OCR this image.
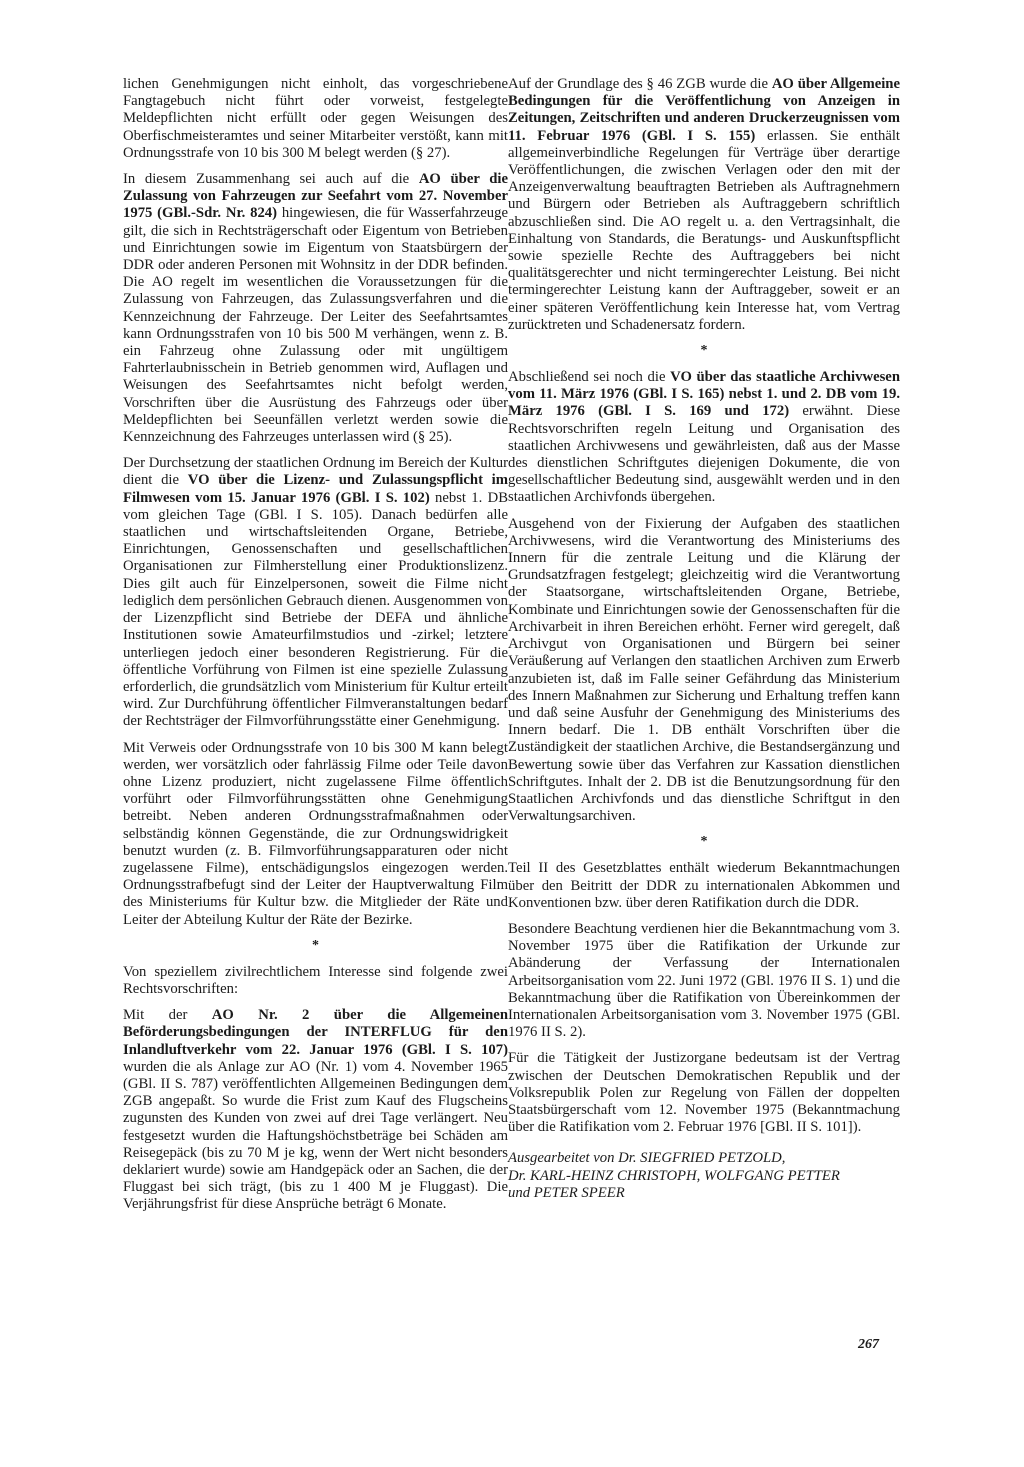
lichen Genehmigungen nicht einholt, das vorgeschriebene Fangtagebuch nicht führt oder vorweist, festgelegte Meldepflichten nicht erfüllt oder gegen Weisungen des Oberfischmeisteramtes und seiner Mitarbeiter verstößt, kann mit Ordnungsstrafe von 10 bis 300 M belegt werden (§ 27).

In diesem Zusammenhang sei auch auf die AO über die Zulassung von Fahrzeugen zur Seefahrt vom 27. November 1975 (GBl.-Sdr. Nr. 824) hingewiesen, die für Wasserfahrzeuge gilt, die sich in Rechtsträgerschaft oder Eigentum von Betrieben und Einrichtungen sowie im Eigentum von Staatsbürgern der DDR oder anderen Personen mit Wohnsitz in der DDR befinden. Die AO regelt im wesentlichen die Voraussetzungen für die Zulassung von Fahrzeugen, das Zulassungsverfahren und die Kennzeichnung der Fahrzeuge. Der Leiter des Seefahrtsamtes kann Ordnungsstrafen von 10 bis 500 M verhängen, wenn z. B. ein Fahrzeug ohne Zulassung oder mit ungültigem Fahrterlaubnisschein in Betrieb genommen wird, Auflagen und Weisungen des Seefahrtsamtes nicht befolgt werden, Vorschriften über die Ausrüstung des Fahrzeugs oder über Meldepflichten bei Seeunfällen verletzt werden sowie die Kennzeichnung des Fahrzeuges unterlassen wird (§ 25).

Der Durchsetzung der staatlichen Ordnung im Bereich der Kultur dient die VO über die Lizenz- und Zulassungspflicht im Filmwesen vom 15. Januar 1976 (GBl. I S. 102) nebst 1. DB vom gleichen Tage (GBl. I S. 105). Danach bedürfen alle staatlichen und wirtschaftsleitenden Organe, Betriebe, Einrichtungen, Genossenschaften und gesellschaftlichen Organisationen zur Filmherstellung einer Produktionslizenz. Dies gilt auch für Einzelpersonen, soweit die Filme nicht lediglich dem persönlichen Gebrauch dienen. Ausgenommen von der Lizenzpflicht sind Betriebe der DEFA und ähnliche Institutionen sowie Amateurfilmstudios und -zirkel; letztere unterliegen jedoch einer besonderen Registrierung. Für die öffentliche Vorführung von Filmen ist eine spezielle Zulassung erforderlich, die grundsätzlich vom Ministerium für Kultur erteilt wird. Zur Durchführung öffentlicher Filmveranstaltungen bedarf der Rechtsträger der Filmvorführungsstätte einer Genehmigung.

Mit Verweis oder Ordnungsstrafe von 10 bis 300 M kann belegt werden, wer vorsätzlich oder fahrlässig Filme oder Teile davon ohne Lizenz produziert, nicht zugelassene Filme öffentlich vorführt oder Filmvorführungsstätten ohne Genehmigung betreibt. Neben anderen Ordnungsstrafmaßnahmen oder selbständig können Gegenstände, die zur Ordnungswidrigkeit benutzt wurden (z. B. Filmvorführungsapparaturen oder nicht zugelassene Filme), entschädigungslos eingezogen werden. Ordnungsstrafbefugt sind der Leiter der Hauptverwaltung Film des Ministeriums für Kultur bzw. die Mitglieder der Räte und Leiter der Abteilung Kultur der Räte der Bezirke.

*

Von speziellem zivilrechtlichem Interesse sind folgende zwei Rechtsvorschriften:

Mit der AO Nr. 2 über die Allgemeinen Beförderungsbedingungen der INTERFLUG für den Inlandluftverkehr vom 22. Januar 1976 (GBl. I S. 107) wurden die als Anlage zur AO (Nr. 1) vom 4. November 1965 (GBl. II S. 787) veröffentlichten Allgemeinen Bedingungen dem ZGB angepaßt. So wurde die Frist zum Kauf des Flugscheins zugunsten des Kunden von zwei auf drei Tage verlängert. Neu festgesetzt wurden die Haftungshöchstbeträge bei Schäden am Reisegepäck (bis zu 70 M je kg, wenn der Wert nicht besonders deklariert wurde) sowie am Handgepäck oder an Sachen, die der Fluggast bei sich trägt, (bis zu 1 400 M je Fluggast). Die Verjährungsfrist für diese Ansprüche beträgt 6 Monate.

Auf der Grundlage des § 46 ZGB wurde die AO über Allgemeine Bedingungen für die Veröffentlichung von Anzeigen in Zeitungen, Zeitschriften und anderen Druckerzeugnissen vom 11. Februar 1976 (GBl. I S. 155) erlassen. Sie enthält allgemeinverbindliche Regelungen für Verträge über derartige Veröffentlichungen, die zwischen Verlagen oder den mit der Anzeigenverwaltung beauftragten Betrieben als Auftragnehmern und Bürgern oder Betrieben als Auftraggebern schriftlich abzuschließen sind. Die AO regelt u. a. den Vertragsinhalt, die Einhaltung von Standards, die Beratungs- und Auskunftspflicht sowie spezielle Rechte des Auftraggebers bei nicht qualitätsgerechter und nicht termingerechter Leistung. Bei nicht termingerechter Leistung kann der Auftraggeber, soweit er an einer späteren Veröffentlichung kein Interesse hat, vom Vertrag zurücktreten und Schadenersatz fordern.

*

Abschließend sei noch die VO über das staatliche Archivwesen vom 11. März 1976 (GBl. I S. 165) nebst 1. und 2. DB vom 19. März 1976 (GBl. I S. 169 und 172) erwähnt. Diese Rechtsvorschriften regeln Leitung und Organisation des staatlichen Archivwesens und gewährleisten, daß aus der Masse des dienstlichen Schriftgutes diejenigen Dokumente, die von gesellschaftlicher Bedeutung sind, ausgewählt werden und in den staatlichen Archivfonds übergehen.

Ausgehend von der Fixierung der Aufgaben des staatlichen Archivwesens, wird die Verantwortung des Ministeriums des Innern für die zentrale Leitung und die Klärung der Grundsatzfragen festgelegt; gleichzeitig wird die Verantwortung der Staatsorgane, wirtschaftsleitenden Organe, Betriebe, Kombinate und Einrichtungen sowie der Genossenschaften für die Archivarbeit in ihren Bereichen erhöht. Ferner wird geregelt, daß Archivgut von Organisationen und Bürgern bei seiner Veräußerung auf Verlangen den staatlichen Archiven zum Erwerb anzubieten ist, daß im Falle seiner Gefährdung das Ministerium des Innern Maßnahmen zur Sicherung und Erhaltung treffen kann und daß seine Ausfuhr der Genehmigung des Ministeriums des Innern bedarf. Die 1. DB enthält Vorschriften über die Zuständigkeit der staatlichen Archive, die Bestandsergänzung und Bewertung sowie über das Verfahren zur Kassation dienstlichen Schriftgutes. Inhalt der 2. DB ist die Benutzungsordnung für den Staatlichen Archivfonds und das dienstliche Schriftgut in den Verwaltungsarchiven.

*

Teil II des Gesetzblattes enthält wiederum Bekanntmachungen über den Beitritt der DDR zu internationalen Abkommen und Konventionen bzw. über deren Ratifikation durch die DDR.

Besondere Beachtung verdienen hier die Bekanntmachung vom 3. November 1975 über die Ratifikation der Urkunde zur Abänderung der Verfassung der Internationalen Arbeitsorganisation vom 22. Juni 1972 (GBl. 1976 II S. 1) und die Bekanntmachung über die Ratifikation von Übereinkommen der Internationalen Arbeitsorganisation vom 3. November 1975 (GBl. 1976 II S. 2).

Für die Tätigkeit der Justizorgane bedeutsam ist der Vertrag zwischen der Deutschen Demokratischen Republik und der Volksrepublik Polen zur Regelung von Fällen der doppelten Staatsbürgerschaft vom 12. November 1975 (Bekanntmachung über die Ratifikation vom 2. Februar 1976 [GBl. II S. 101]).

Ausgearbeitet von Dr. SIEGFRIED PETZOLD,
Dr. KARL-HEINZ CHRISTOPH, WOLFGANG PETTER
und PETER SPEER
267
